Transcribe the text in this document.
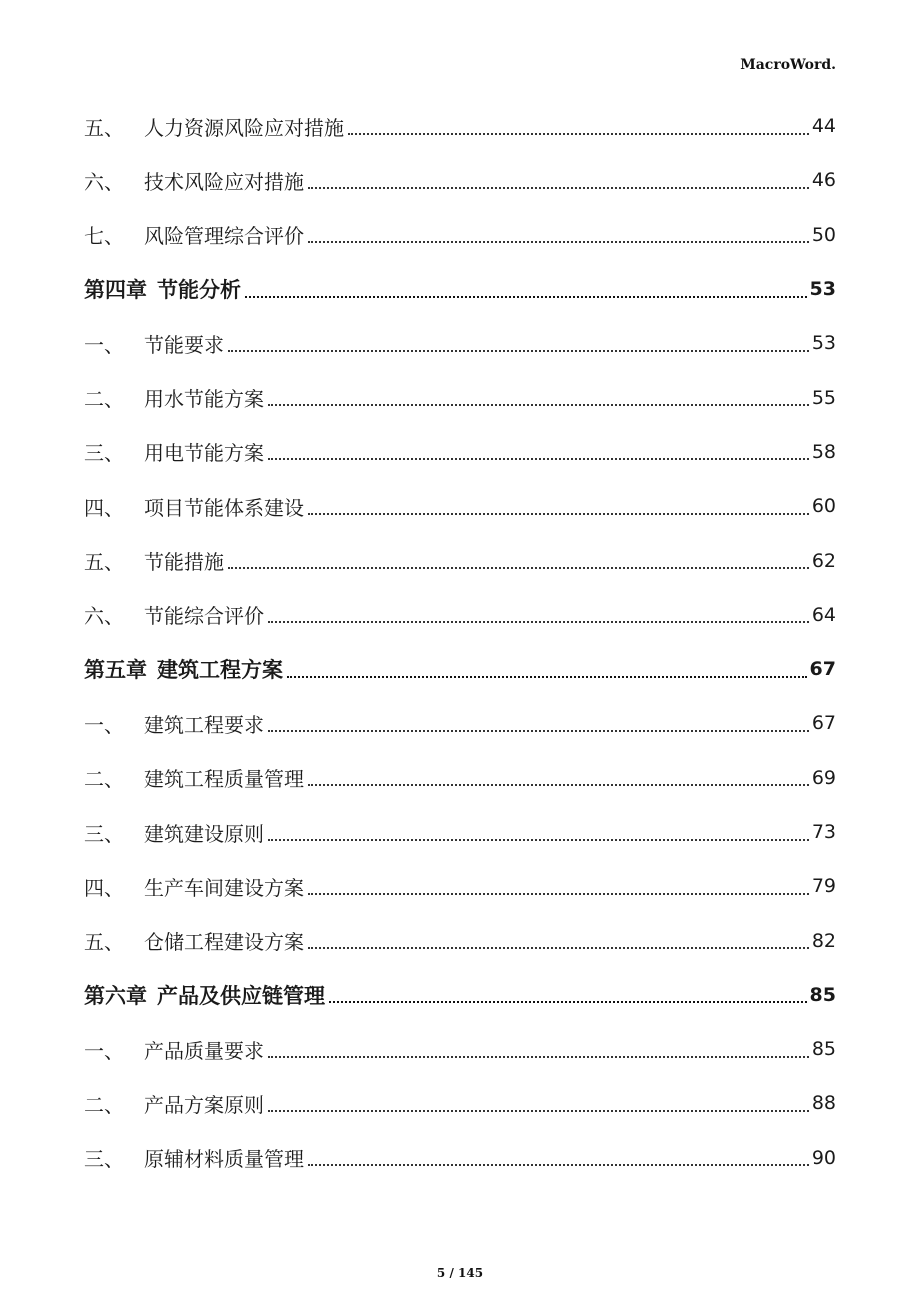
MacroWord.
五、	人力资源风险应对措施	44
六、	技术风险应对措施	46
七、	风险管理综合评价	50
第四章 节能分析	53
一、	节能要求	53
二、	用水节能方案	55
三、	用电节能方案	58
四、	项目节能体系建设	60
五、	节能措施	62
六、	节能综合评价	64
第五章 建筑工程方案	67
一、	建筑工程要求	67
二、	建筑工程质量管理	69
三、	建筑建设原则	73
四、	生产车间建设方案	79
五、	仓储工程建设方案	82
第六章 产品及供应链管理	85
一、	产品质量要求	85
二、	产品方案原则	88
三、	原辅材料质量管理	90
5 / 145
